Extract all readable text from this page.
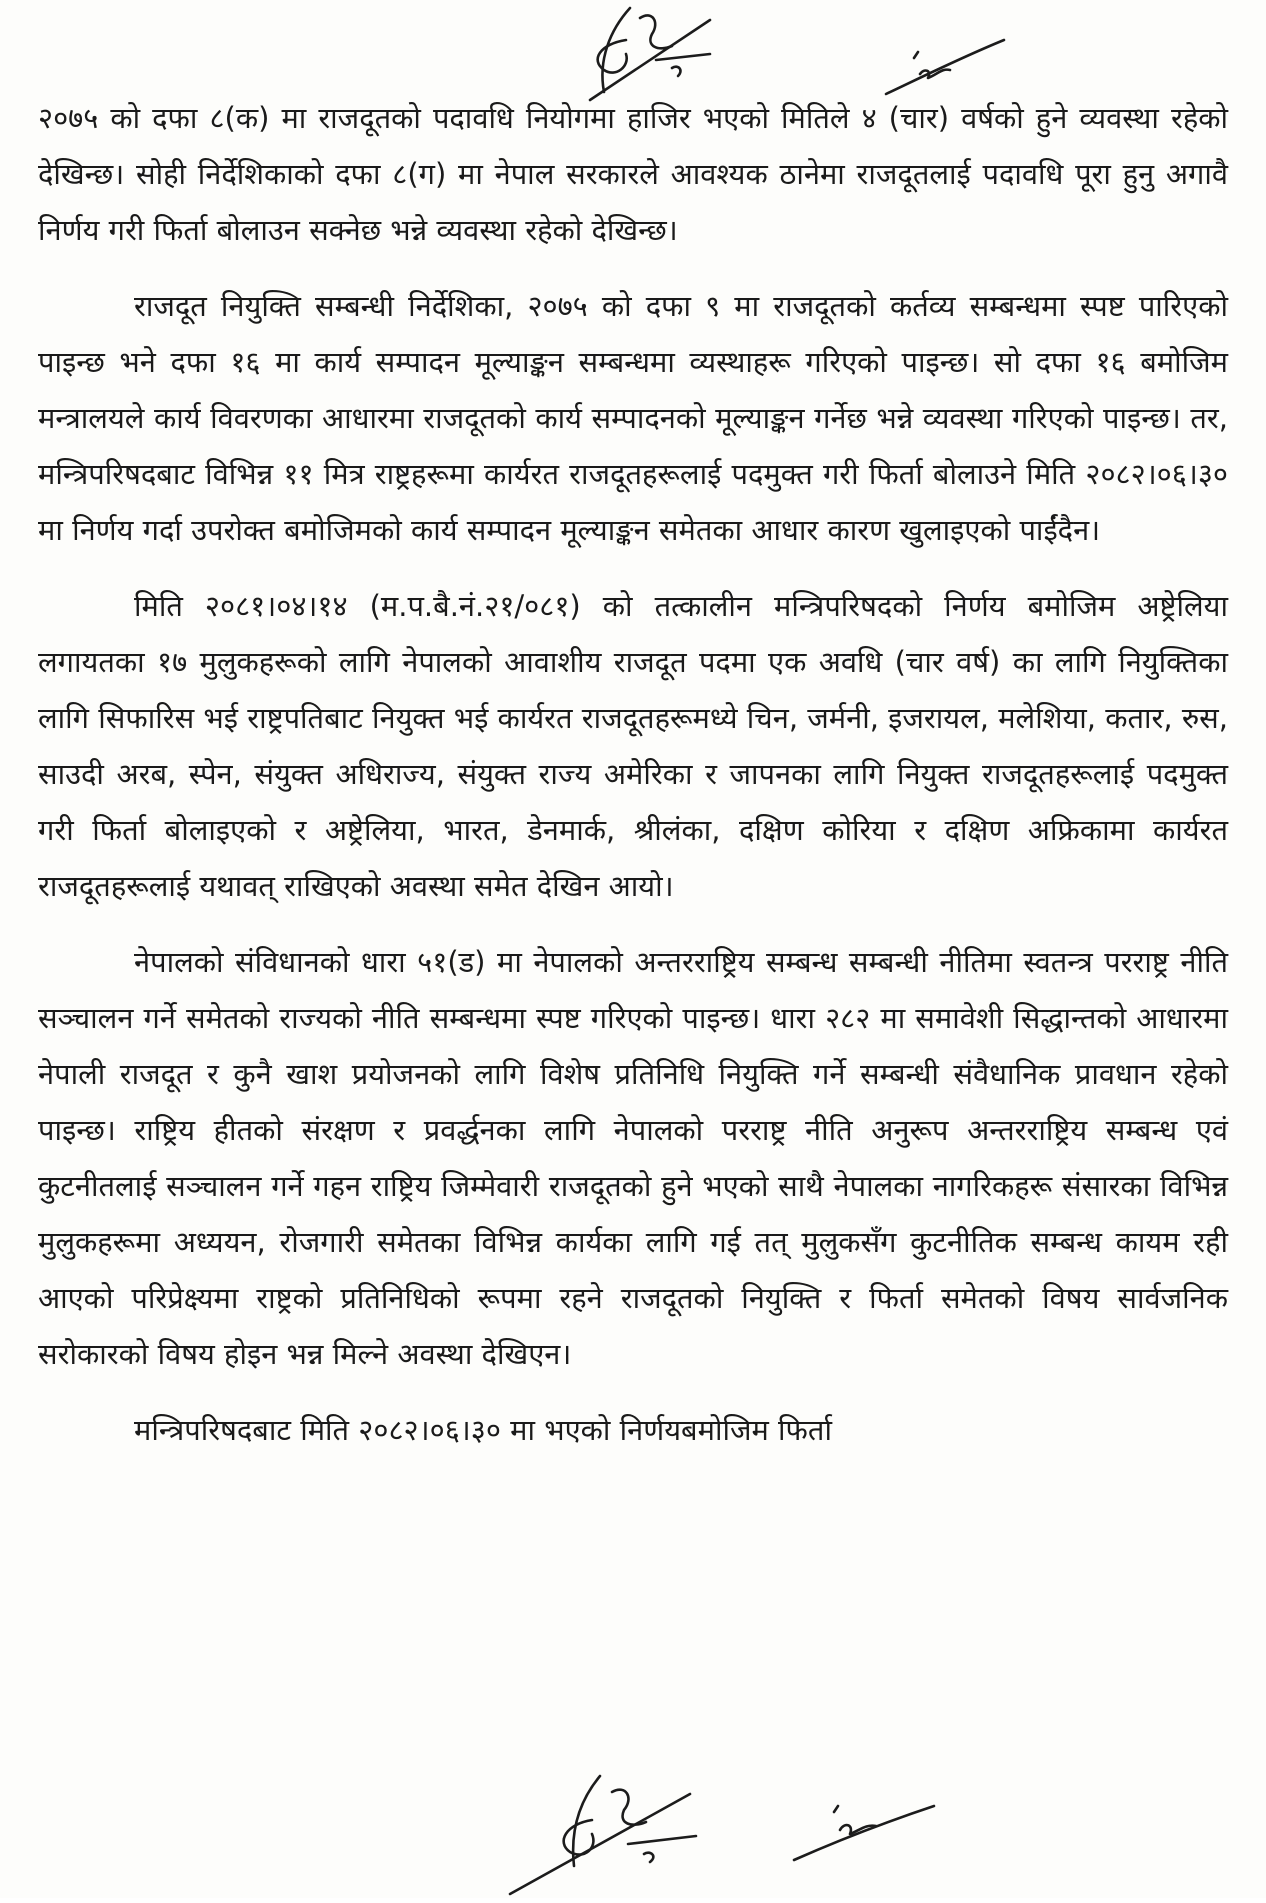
२०७५ को दफा ८(क) मा राजदूतको पदावधि नियोगमा हाजिर भएको मितिले ४ (चार) वर्षको हुने व्यवस्था रहेको देखिन्छ। सोही निर्देशिकाको दफा ८(ग) मा नेपाल सरकारले आवश्यक ठानेमा राजदूतलाई पदावधि पूरा हुनु अगावै निर्णय गरी फिर्ता बोलाउन सक्नेछ भन्ने व्यवस्था रहेको देखिन्छ।

राजदूत नियुक्ति सम्बन्धी निर्देशिका, २०७५ को दफा ९ मा राजदूतको कर्तव्य सम्बन्धमा स्पष्ट पारिएको पाइन्छ भने दफा १६ मा कार्य सम्पादन मूल्याङ्कन सम्बन्धमा व्यस्थाहरू गरिएको पाइन्छ। सो दफा १६ बमोजिम मन्त्रालयले कार्य विवरणका आधारमा राजदूतको कार्य सम्पादनको मूल्याङ्कन गर्नेछ भन्ने व्यवस्था गरिएको पाइन्छ। तर, मन्त्रिपरिषदबाट विभिन्न ११ मित्र राष्ट्रहरूमा कार्यरत राजदूतहरूलाई पदमुक्त गरी फिर्ता बोलाउने मिति २०८२।०६।३० मा निर्णय गर्दा उपरोक्त बमोजिमको कार्य सम्पादन मूल्याङ्कन समेतका आधार कारण खुलाइएको पाईंदैन।

मिति २०८१।०४।१४ (म.प.बै.नं.२१/०८१) को तत्कालीन मन्त्रिपरिषदको निर्णय बमोजिम अष्ट्रेलिया लगायतका १७ मुलुकहरूको लागि नेपालको आवाशीय राजदूत पदमा एक अवधि (चार वर्ष) का लागि नियुक्तिका लागि सिफारिस भई राष्ट्रपतिबाट नियुक्त भई कार्यरत राजदूतहरूमध्ये चिन, जर्मनी, इजरायल, मलेशिया, कतार, रुस, साउदी अरब, स्पेन, संयुक्त अधिराज्य, संयुक्त राज्य अमेरिका र जापनका लागि नियुक्त राजदूतहरूलाई पदमुक्त गरी फिर्ता बोलाइएको र अष्ट्रेलिया, भारत, डेनमार्क, श्रीलंका, दक्षिण कोरिया र दक्षिण अफ्रिकामा कार्यरत राजदूतहरूलाई यथावत् राखिएको अवस्था समेत देखिन आयो।

नेपालको संविधानको धारा ५१(ड) मा नेपालको अन्तरराष्ट्रिय सम्बन्ध सम्बन्धी नीतिमा स्वतन्त्र परराष्ट्र नीति सञ्चालन गर्ने समेतको राज्यको नीति सम्बन्धमा स्पष्ट गरिएको पाइन्छ। धारा २८२ मा समावेशी सिद्धान्तको आधारमा नेपाली राजदूत र कुनै खाश प्रयोजनको लागि विशेष प्रतिनिधि नियुक्ति गर्ने सम्बन्धी संवैधानिक प्रावधान रहेको पाइन्छ। राष्ट्रिय हीतको संरक्षण र प्रवर्द्धनका लागि नेपालको परराष्ट्र नीति अनुरूप अन्तरराष्ट्रिय सम्बन्ध एवं कुटनीतलाई सञ्चालन गर्ने गहन राष्ट्रिय जिम्मेवारी राजदूतको हुने भएको साथै नेपालका नागरिकहरू संसारका विभिन्न मुलुकहरूमा अध्ययन, रोजगारी समेतका विभिन्न कार्यका लागि गई तत् मुलुकसँग कुटनीतिक सम्बन्ध कायम रही आएको परिप्रेक्ष्यमा राष्ट्रको प्रतिनिधिको रूपमा रहने राजदूतको नियुक्ति र फिर्ता समेतको विषय सार्वजनिक सरोकारको विषय होइन भन्न मिल्ने अवस्था देखिएन।

मन्त्रिपरिषदबाट मिति २०८२।०६।३० मा भएको निर्णयबमोजिम फिर्ता
